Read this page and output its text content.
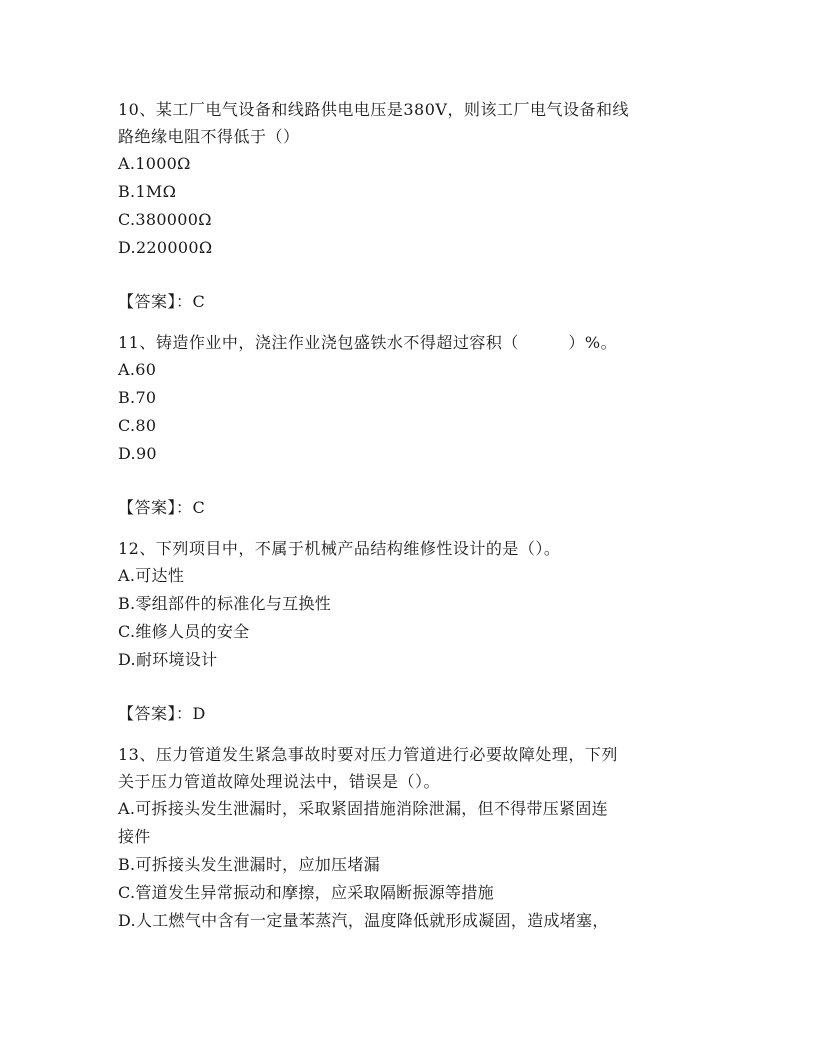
10、某工厂电气设备和线路供电电压是380V，则该工厂电气设备和线

路绝缘电阻不得低于（）

A.1000Ω

B.1MΩ

C.380000Ω

D.220000Ω

【答案】：C

11、铸造作业中，浇注作业浇包盛铁水不得超过容积（　　　）%。

A.60

B.70

C.80

D.90

【答案】：C

12、下列项目中，不属于机械产品结构维修性设计的是（）。

A.可达性

B.零组部件的标准化与互换性

C.维修人员的安全

D.耐环境设计

【答案】：D

13、压力管道发生紧急事故时要对压力管道进行必要故障处理，下列

关于压力管道故障处理说法中，错误是（）。

A.可拆接头发生泄漏时，采取紧固措施消除泄漏，但不得带压紧固连

接件

B.可拆接头发生泄漏时，应加压堵漏

C.管道发生异常振动和摩擦，应采取隔断振源等措施

D.人工燃气中含有一定量苯蒸汽，温度降低就形成凝固，造成堵塞，
